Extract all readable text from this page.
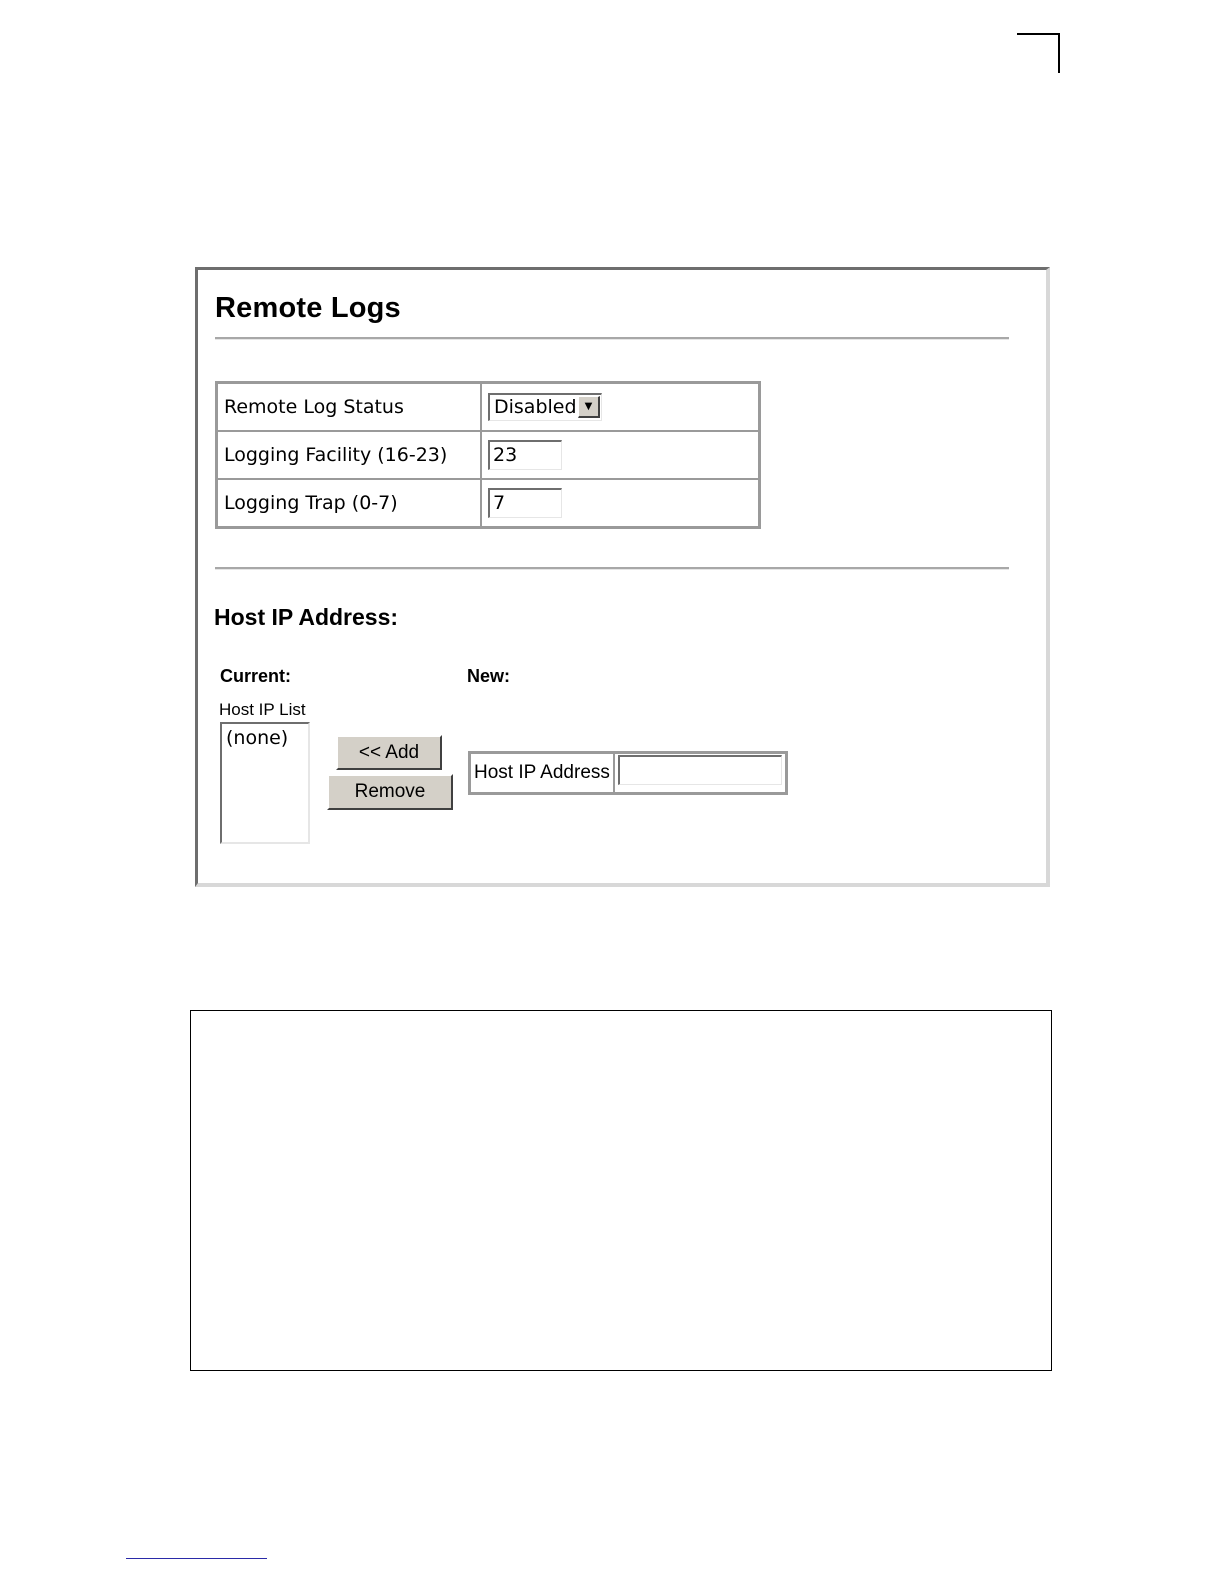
Remote Logs
Remote Log Status	Disabled ▼

Logging Facility (16-23)	23
Logging Trap (0-7)	7
Host IP Address:
Current:	New:
Host IP List
(none)
<< Add
Remove
Host IP Address	
